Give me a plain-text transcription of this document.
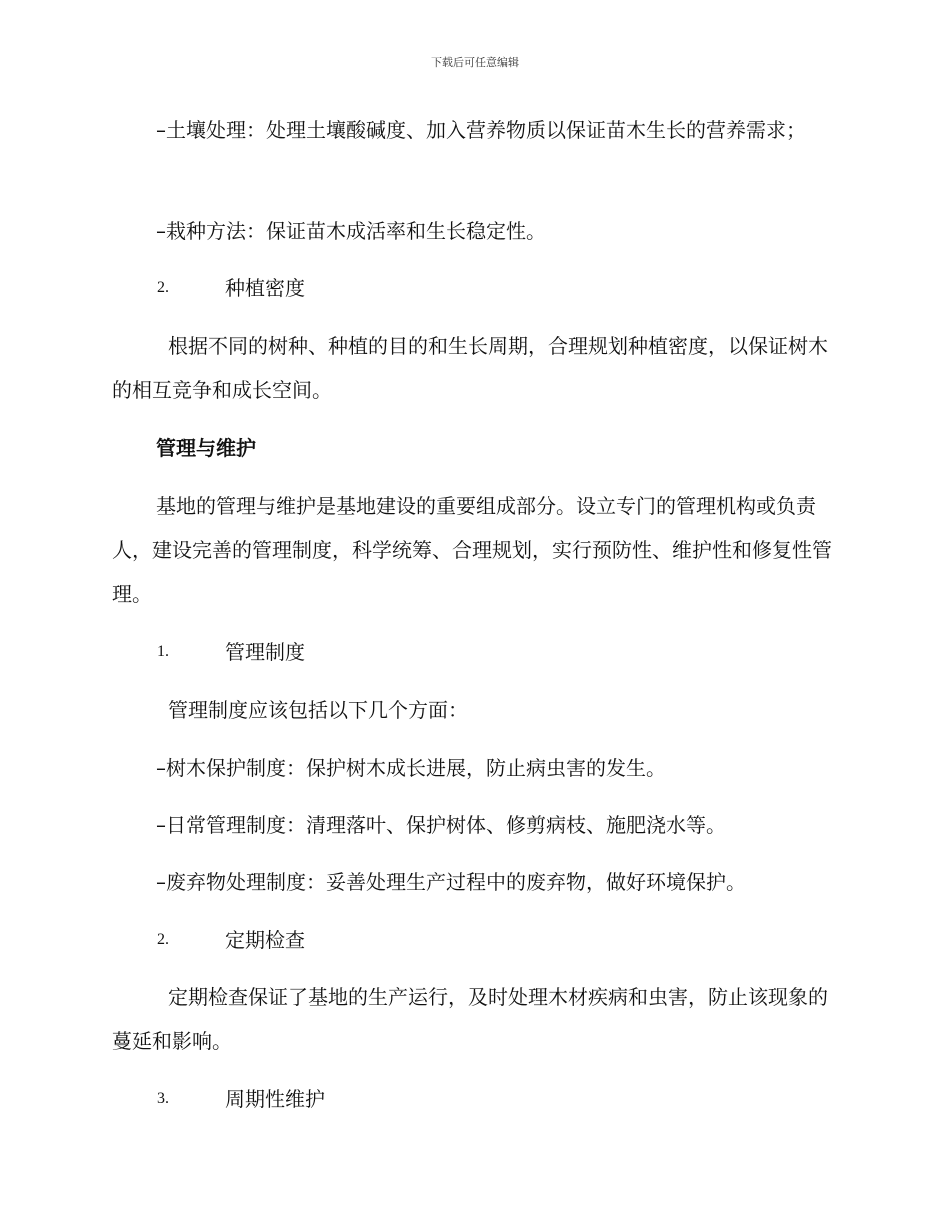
下载后可任意编辑

–土壤处理：处理土壤酸碱度、加入营养物质以保证苗木生长的营养需求；

–栽种方法：保证苗木成活率和生长稳定性。

2.	种植密度

根据不同的树种、种植的目的和生长周期，合理规划种植密度，以保证树木的相互竞争和成长空间。

管理与维护

基地的管理与维护是基地建设的重要组成部分。设立专门的管理机构或负责人，建设完善的管理制度，科学统筹、合理规划，实行预防性、维护性和修复性管理。

1.	管理制度

管理制度应该包括以下几个方面：

–树木保护制度：保护树木成长进展，防止病虫害的发生。

–日常管理制度：清理落叶、保护树体、修剪病枝、施肥浇水等。

–废弃物处理制度：妥善处理生产过程中的废弃物，做好环境保护。

2.	定期检查

定期检查保证了基地的生产运行，及时处理木材疾病和虫害，防止该现象的蔓延和影响。

3.	周期性维护
